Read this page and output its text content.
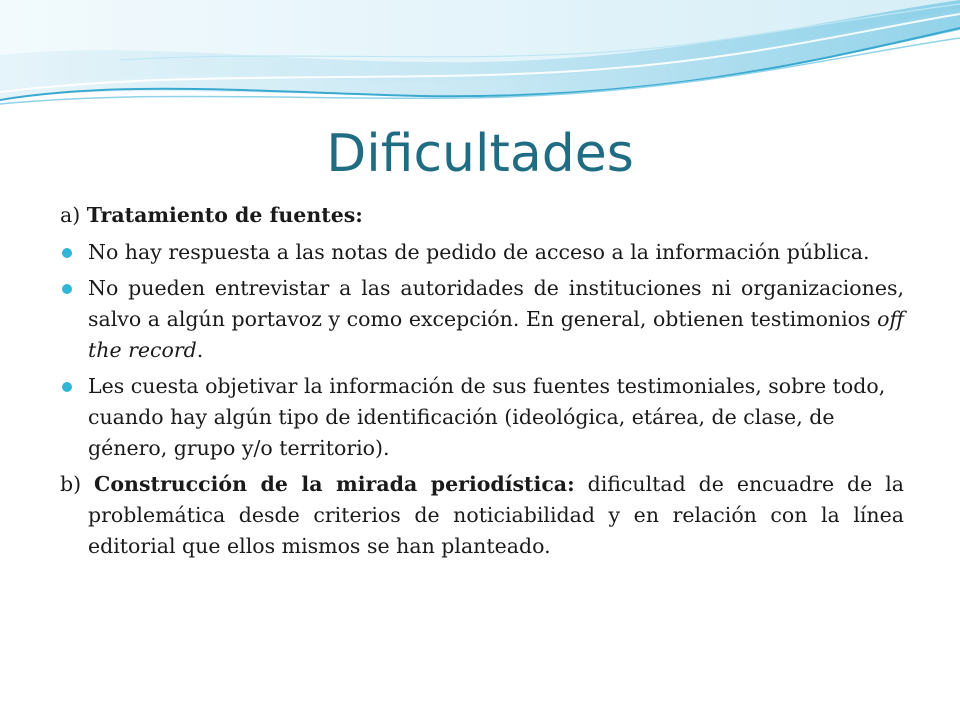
Dificultades

a) Tratamiento de fuentes:

No hay respuesta a las notas de pedido de acceso a la información pública.
No pueden entrevistar a las autoridades de instituciones ni organizaciones, salvo a algún portavoz y como excepción. En general, obtienen testimonios off the record.
Les cuesta objetivar la información de sus fuentes testimoniales, sobre todo, cuando hay algún tipo de identificación (ideológica, etárea, de clase, de género, grupo y/o territorio).

b) Construcción de la mirada periodística: dificultad de encuadre de la problemática desde criterios de noticiabilidad y en relación con la línea editorial que ellos mismos se han planteado.
